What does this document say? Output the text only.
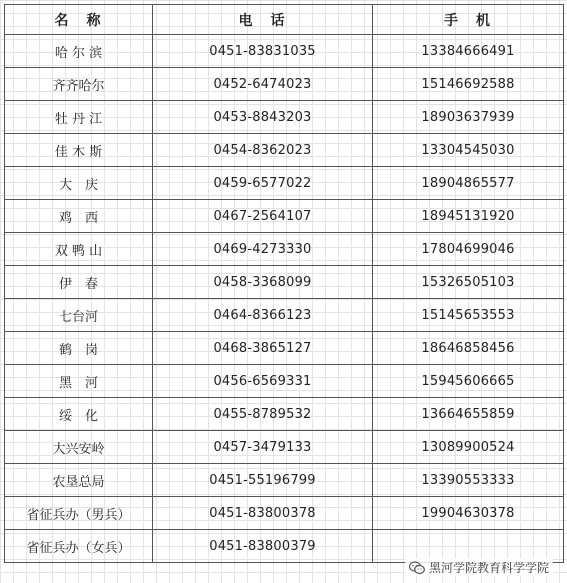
名　称	电　话	手　机
哈 尔 滨	0451-83831035	13384666491
齐齐哈尔	0452-6474023	15146692588
牡 丹 江	0453-8843203	18903637939
佳 木 斯	0454-8362023	13304545030
大　庆	0459-6577022	18904865577
鸡　西	0467-2564107	18945131920
双 鸭 山	0469-4273330	17804699046
伊　春	0458-3368099	15326505103
七台河	0464-8366123	15145653553
鹤　岗	0468-3865127	18646858456
黑　河	0456-6569331	15945606665
绥　化	0455-8789532	13664655859
大兴安岭	0457-3479133	13089900524
农垦总局	0451-55196799	13390553333
省征兵办（男兵）	0451-83800378	19904630378
省征兵办（女兵）	0451-83800379	
黑河学院教育科学学院
